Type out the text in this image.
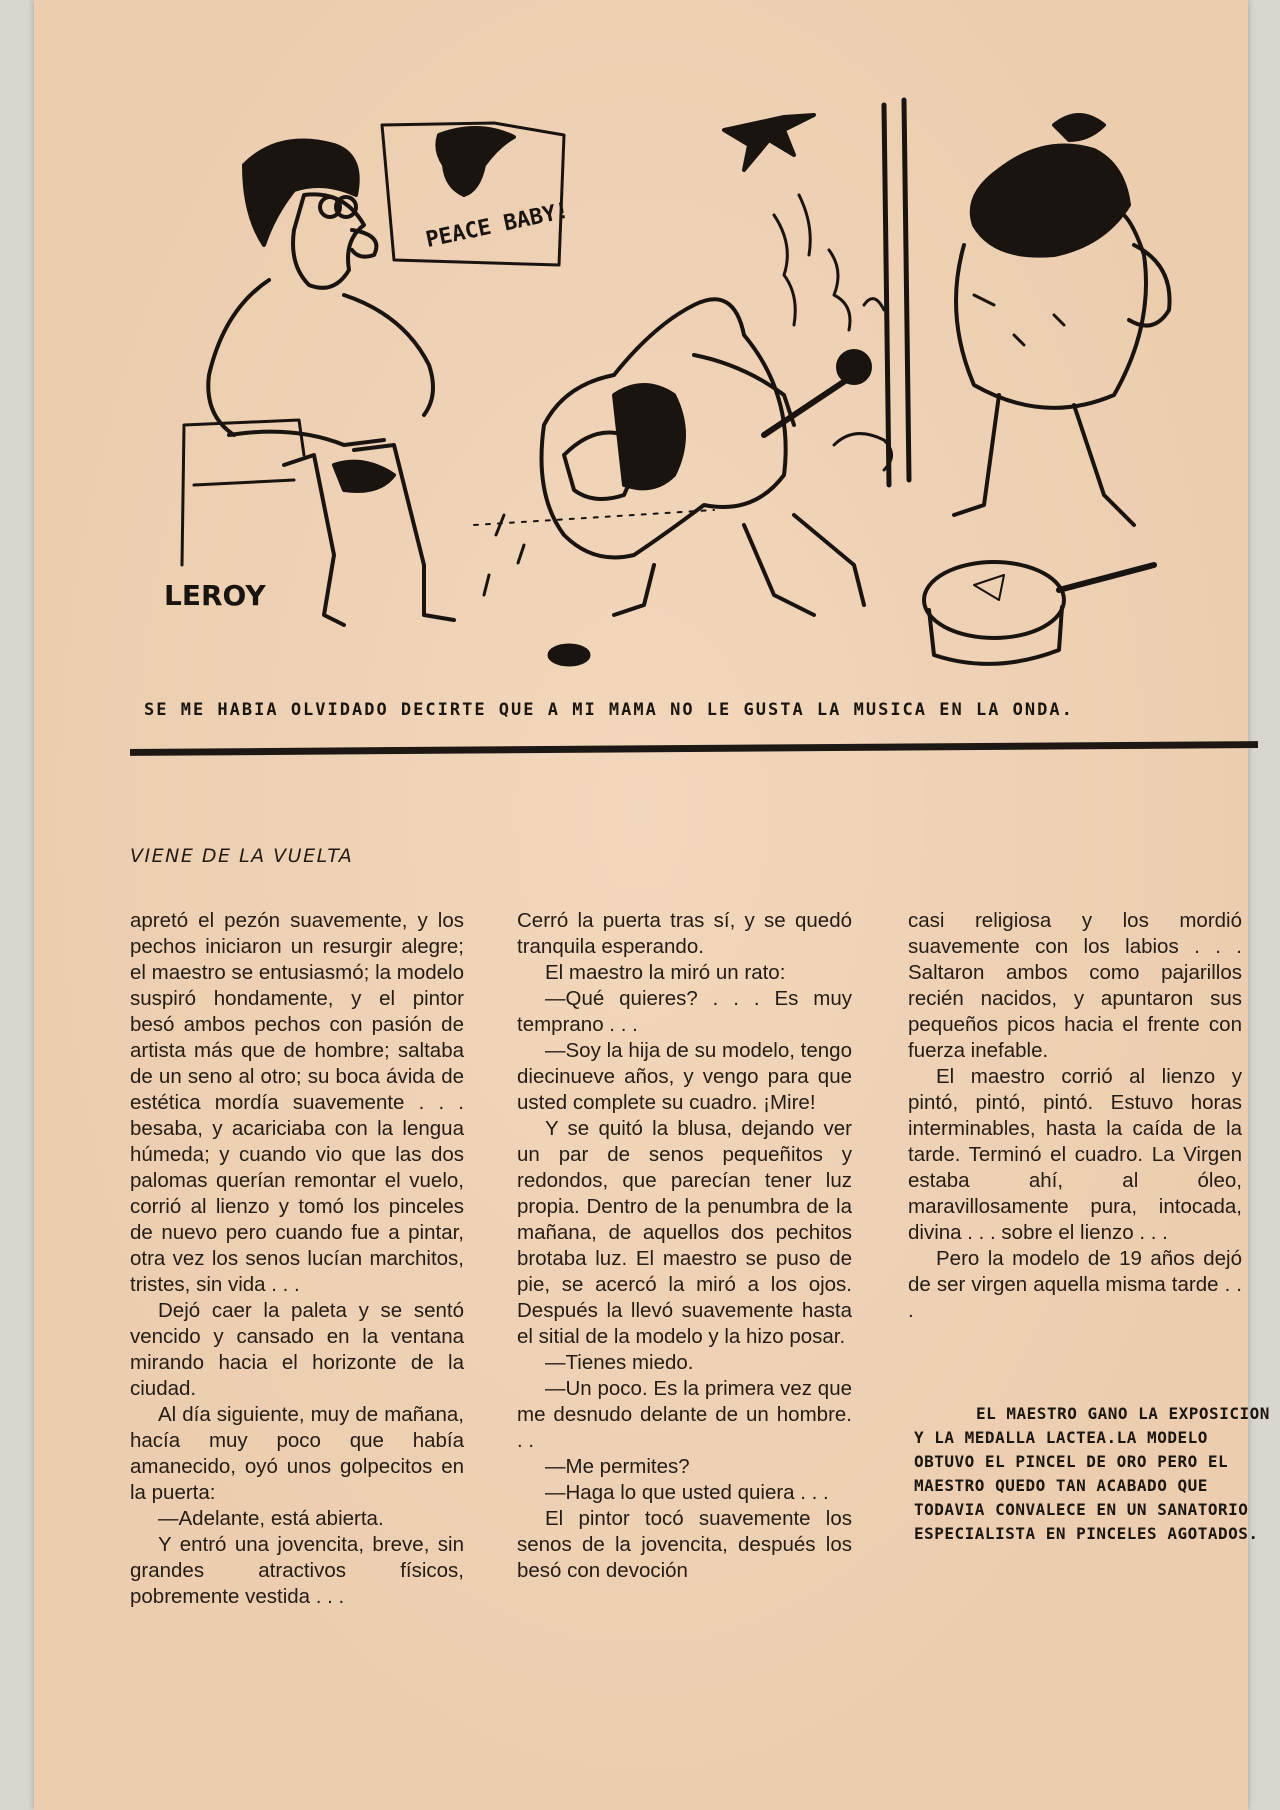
PEACE BABY!
LEROY
SE ME HABIA OLVIDADO DECIRTE QUE A MI MAMA NO LE GUSTA LA MUSICA EN LA ONDA.
VIENE DE LA VUELTA

apretó el pezón suavemente, y los pechos iniciaron un resurgir alegre; el maestro se entusiasmó; la modelo suspiró hondamente, y el pintor besó ambos pechos con pasión de artista más que de hombre; saltaba de un seno al otro; su boca ávida de estética mordía suavemente . . . besaba, y acariciaba con la lengua húmeda; y cuando vio que las dos palomas querían remontar el vuelo, corrió al lienzo y tomó los pinceles de nuevo pero cuando fue a pintar, otra vez los senos lucían marchitos, tristes, sin vida . . .

Dejó caer la paleta y se sentó vencido y cansado en la ventana mirando hacia el horizonte de la ciudad.

Al día siguiente, muy de mañana, hacía muy poco que había amanecido, oyó unos golpecitos en la puerta:

—Adelante, está abierta.

Y entró una jovencita, breve, sin grandes atractivos físicos, pobremente vestida . . .

Cerró la puerta tras sí, y se quedó tranquila esperando.

El maestro la miró un rato:

—Qué quieres? . . . Es muy temprano . . .

—Soy la hija de su modelo, tengo diecinueve años, y vengo para que usted complete su cuadro. ¡Mire!

Y se quitó la blusa, dejando ver un par de senos pequeñitos y redondos, que parecían tener luz propia. Dentro de la penumbra de la mañana, de aquellos dos pechitos brotaba luz. El maestro se puso de pie, se acercó la miró a los ojos. Después la llevó suavemente hasta el sitial de la modelo y la hizo posar.

—Tienes miedo.

—Un poco. Es la primera vez que me desnudo delante de un hombre. . .

—Me permites?

—Haga lo que usted quiera . . .

El pintor tocó suavemente los senos de la jovencita, después los besó con devoción

casi religiosa y los mordió suavemente con los labios . . . Saltaron ambos como pajarillos recién nacidos, y apuntaron sus pequeños picos hacia el frente con fuerza inefable.

El maestro corrió al lienzo y pintó, pintó, pintó. Estuvo horas interminables, hasta la caída de la tarde. Terminó el cuadro. La Virgen estaba ahí, al óleo, maravillosamente pura, intocada, divina . . . sobre el lienzo . . .

Pero la modelo de 19 años dejó de ser virgen aquella misma tarde . . .

EL MAESTRO GANO LA EXPOSICION Y LA MEDALLA LACTEA.LA MODELO OBTUVO EL PINCEL DE ORO PERO EL MAESTRO QUEDO TAN ACABADO QUE TODAVIA CONVALECE EN UN SANATORIO ESPECIALISTA EN PINCELES AGOTADOS.
